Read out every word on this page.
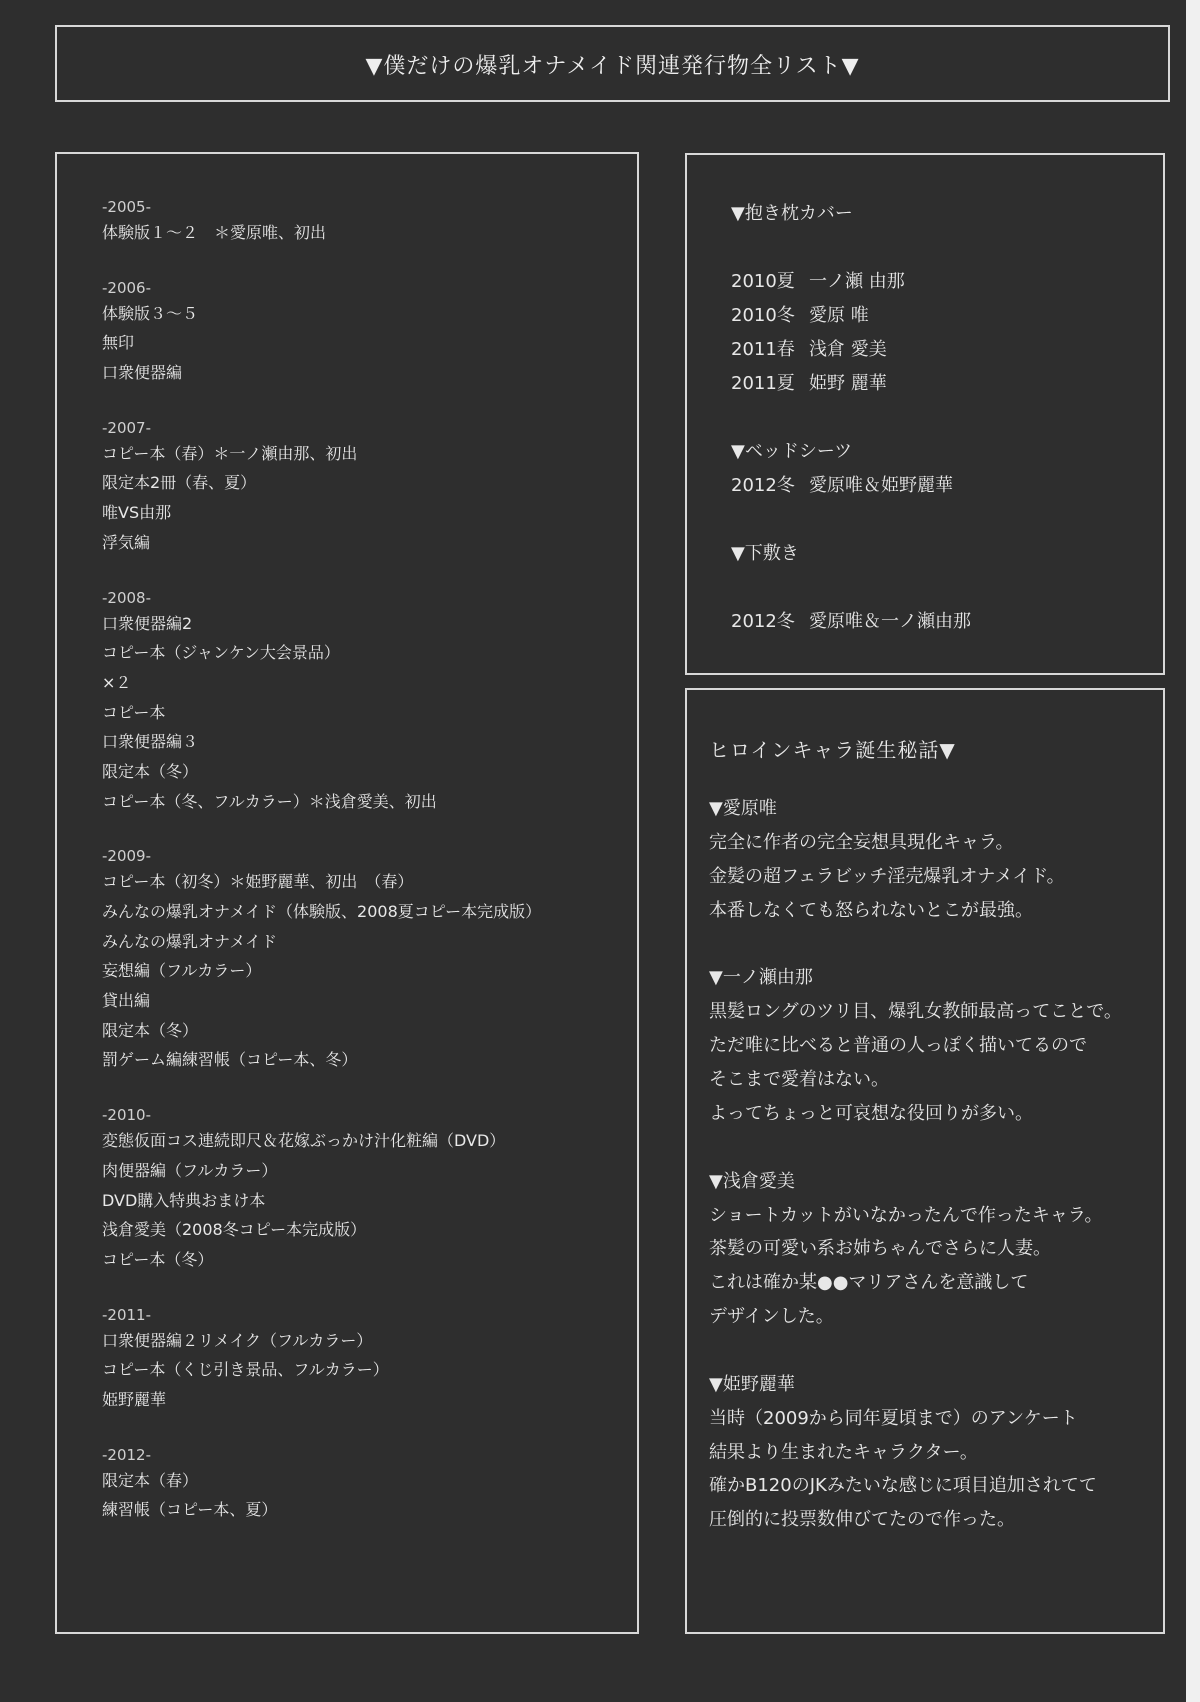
▼僕だけの爆乳オナメイド関連発行物全リスト▼
-2005-
体験版１～２　＊愛原唯、初出
-2006-
体験版３～５
無印
口衆便器編
-2007-
コピー本（春）＊一ノ瀬由那、初出
限定本2冊（春、夏）
唯VS由那
浮気編
-2008-
口衆便器編2
コピー本（ジャンケン大会景品）
×２
コピー本
口衆便器編３
限定本（冬）
コピー本（冬、フルカラー）＊浅倉愛美、初出
-2009-
コピー本（初冬）＊姫野麗華、初出　（春）
みんなの爆乳オナメイド（体験版、2008夏コピー本完成版）
みんなの爆乳オナメイド
妄想編（フルカラー）
貸出編
限定本（冬）
罰ゲーム編練習帳（コピー本、冬）
-2010-
変態仮面コス連続即尺＆花嫁ぶっかけ汁化粧編（DVD）
肉便器編（フルカラー）
DVD購入特典おまけ本
浅倉愛美（2008冬コピー本完成版）
コピー本（冬）
-2011-
口衆便器編２リメイク（フルカラー）
コピー本（くじ引き景品、フルカラー）
姫野麗華
-2012-
限定本（春）
練習帳（コピー本、夏）
▼抱き枕カバー
2010夏 一ノ瀬 由那
2010冬 愛原 唯
2011春 浅倉 愛美
2011夏 姫野 麗華
▼ベッドシーツ
2012冬 愛原唯＆姫野麗華
▼下敷き
2012冬 愛原唯＆一ノ瀬由那
ヒロインキャラ誕生秘話▼
▼愛原唯
完全に作者の完全妄想具現化キャラ。
金髪の超フェラビッチ淫売爆乳オナメイド。
本番しなくても怒られないとこが最強。
▼一ノ瀬由那
黒髪ロングのツリ目、爆乳女教師最高ってことで。
ただ唯に比べると普通の人っぽく描いてるので
そこまで愛着はない。
よってちょっと可哀想な役回りが多い。
▼浅倉愛美
ショートカットがいなかったんで作ったキャラ。
茶髪の可愛い系お姉ちゃんでさらに人妻。
これは確か某●●マリアさんを意識して
デザインした。
▼姫野麗華
当時（2009から同年夏頃まで）のアンケート
結果より生まれたキャラクター。
確かB120のJKみたいな感じに項目追加されてて
圧倒的に投票数伸びてたので作った。
